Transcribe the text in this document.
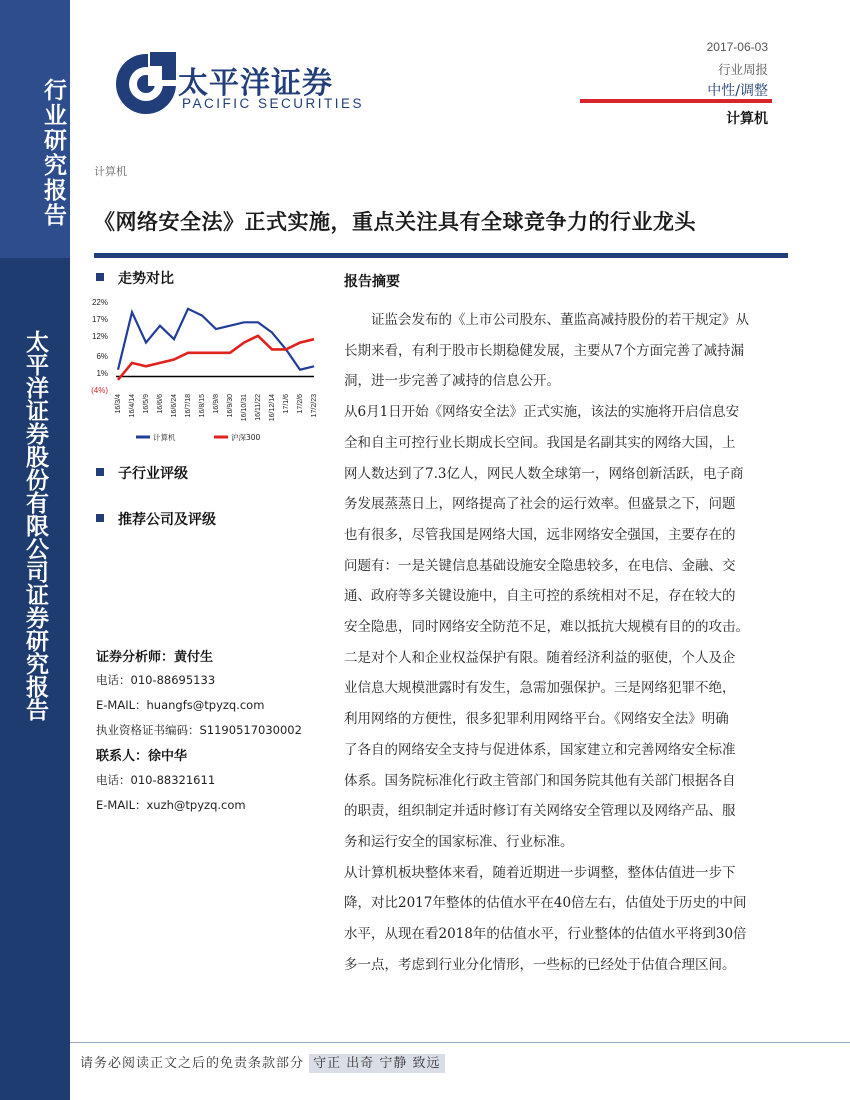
行业研究报告
太平洋证券股份有限公司证券研究报告
太平洋证券
PACIFIC SECURITIES
2017-06-03
行业周报
中性/调整
计算机
计算机
《网络安全法》正式实施，重点关注具有全球竞争力的行业龙头
走势对比
22%
17%
12%
6%
1%
(4%)
16/3/4 16/4/14 16/5/9 16/6/6 16/6/24 16/7/18 16/8/15 16/9/8 16/9/30 16/10/31 16/11/22 16/12/14 17/1/6 17/2/6 17/2/23
计算机	沪深300
子行业评级
推荐公司及评级
证券分析师：黄付生
电话：010-88695133
E-MAIL：huangfs@tpyzq.com
执业资格证书编码：S1190517030002
联系人：徐中华
电话：010-88321611
E-MAIL：xuzh@tpyzq.com
报告摘要

证监会发布的《上市公司股东、董监高减持股份的若干规定》从

长期来看，有利于股市长期稳健发展，主要从7个方面完善了减持漏

洞，进一步完善了减持的信息公开。

从6月1日开始《网络安全法》正式实施，该法的实施将开启信息安

全和自主可控行业长期成长空间。我国是名副其实的网络大国，上

网人数达到了7.3亿人，网民人数全球第一，网络创新活跃，电子商

务发展蒸蒸日上，网络提高了社会的运行效率。但盛景之下，问题

也有很多，尽管我国是网络大国，远非网络安全强国，主要存在的

问题有：一是关键信息基础设施安全隐患较多，在电信、金融、交

通、政府等多关键设施中，自主可控的系统相对不足，存在较大的

安全隐患，同时网络安全防范不足，难以抵抗大规模有目的的攻击。

二是对个人和企业权益保护有限。随着经济利益的驱使，个人及企

业信息大规模泄露时有发生，急需加强保护。三是网络犯罪不绝，

利用网络的方便性，很多犯罪利用网络平台。《网络安全法》明确

了各自的网络安全支持与促进体系，国家建立和完善网络安全标准

体系。国务院标准化行政主管部门和国务院其他有关部门根据各自

的职责，组织制定并适时修订有关网络安全管理以及网络产品、服

务和运行安全的国家标准、行业标准。

从计算机板块整体来看，随着近期进一步调整，整体估值进一步下

降，对比2017年整体的估值水平在40倍左右，估值处于历史的中间

水平，从现在看2018年的估值水平，行业整体的估值水平将到30倍

多一点，考虑到行业分化情形，一些标的已经处于估值合理区间。

请务必阅读正文之后的免责条款部分 守正 出奇 宁静 致远
